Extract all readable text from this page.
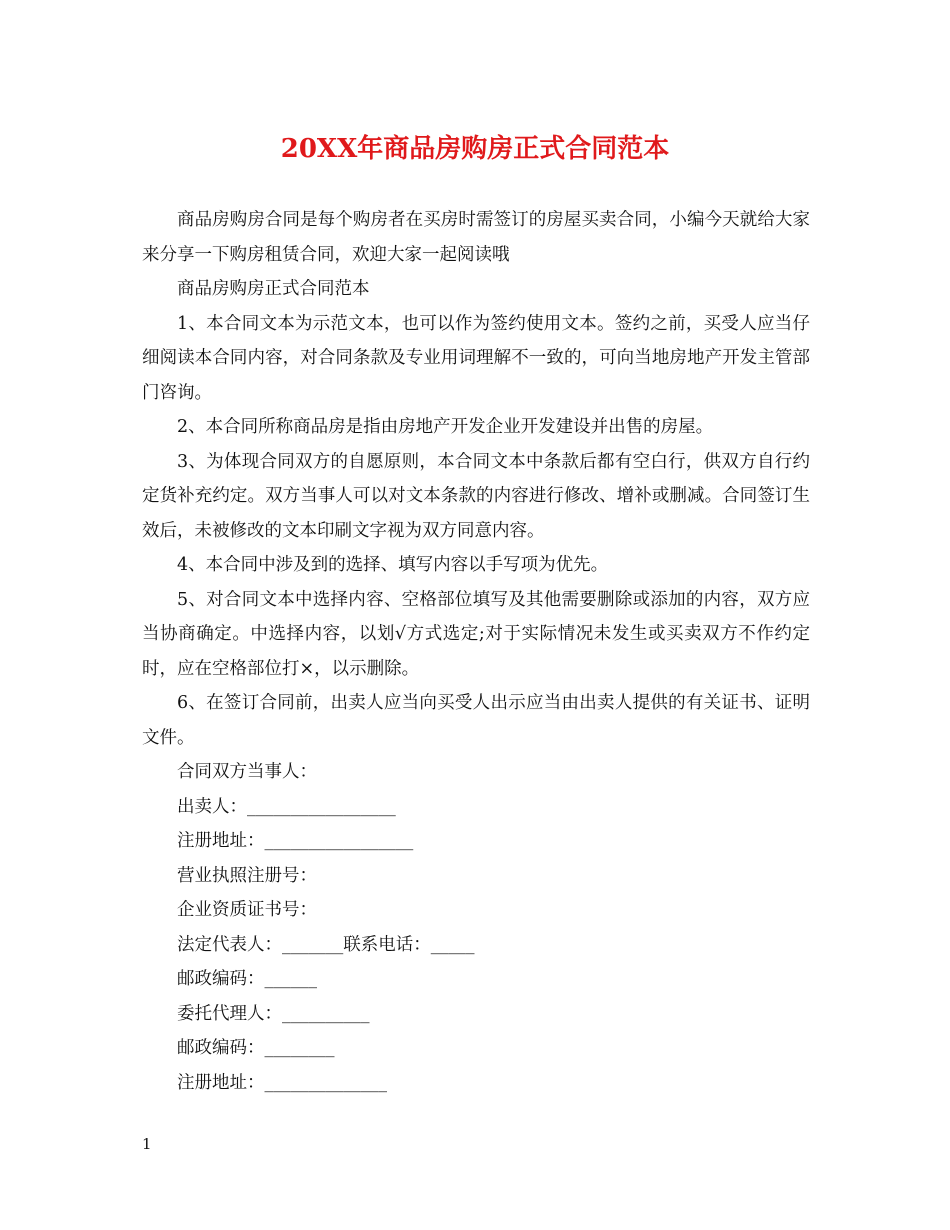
20XX年商品房购房正式合同范本

商品房购房合同是每个购房者在买房时需签订的房屋买卖合同，小编今天就给大家来分享一下购房租赁合同，欢迎大家一起阅读哦

商品房购房正式合同范本

1、本合同文本为示范文本，也可以作为签约使用文本。签约之前，买受人应当仔细阅读本合同内容，对合同条款及专业用词理解不一致的，可向当地房地产开发主管部门咨询。

2、本合同所称商品房是指由房地产开发企业开发建设并出售的房屋。

3、为体现合同双方的自愿原则，本合同文本中条款后都有空白行，供双方自行约定货补充约定。双方当事人可以对文本条款的内容进行修改、增补或删减。合同签订生效后，未被修改的文本印刷文字视为双方同意内容。

4、本合同中涉及到的选择、填写内容以手写项为优先。

5、对合同文本中选择内容、空格部位填写及其他需要删除或添加的内容，双方应当协商确定。中选择内容，以划√方式选定;对于实际情况未发生或买卖双方不作约定时，应在空格部位打×，以示删除。

6、在签订合同前，出卖人应当向买受人出示应当由出卖人提供的有关证书、证明文件。

合同双方当事人：

出卖人：_________________

注册地址：_________________

营业执照注册号：

企业资质证书号：

法定代表人：_______联系电话：_____

邮政编码：______

委托代理人：__________

邮政编码：________

注册地址：______________

1
